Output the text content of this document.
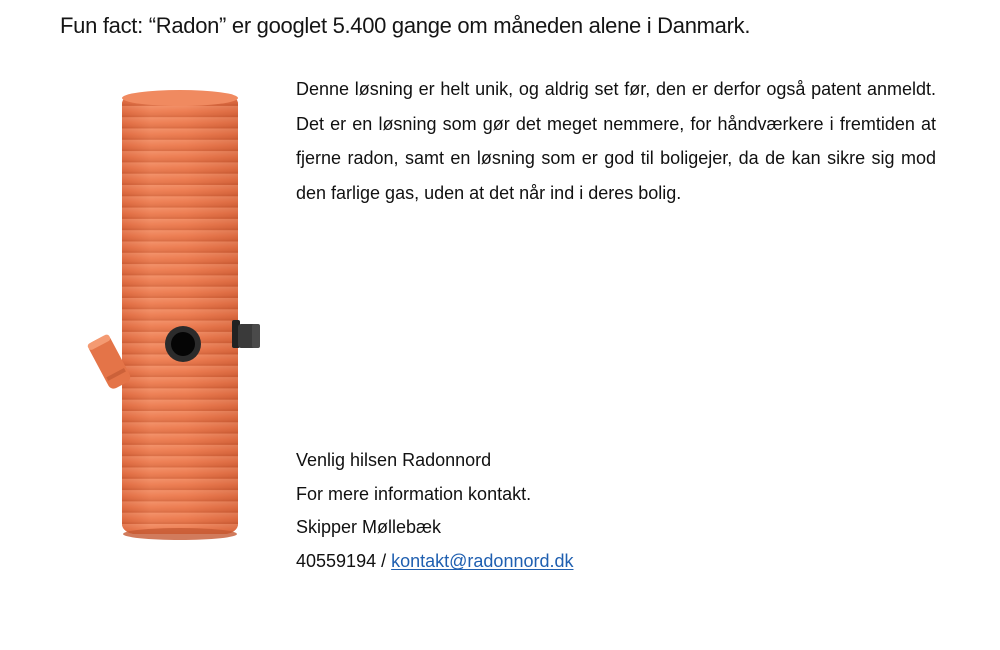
Fun fact: “Radon” er googlet 5.400 gange om måneden alene i Danmark.

Denne løsning er helt unik, og aldrig set før, den er derfor også patent anmeldt. Det er en løsning som gør det meget nemmere, for håndværkere i fremtiden at fjerne radon, samt en løsning som er god til boligejer, da de kan sikre sig mod den farlige gas, uden at det når ind i deres bolig.

Venlig hilsen Radonnord
For mere information kontakt.
Skipper Møllebæk
40559194 / kontakt@radonnord.dk
